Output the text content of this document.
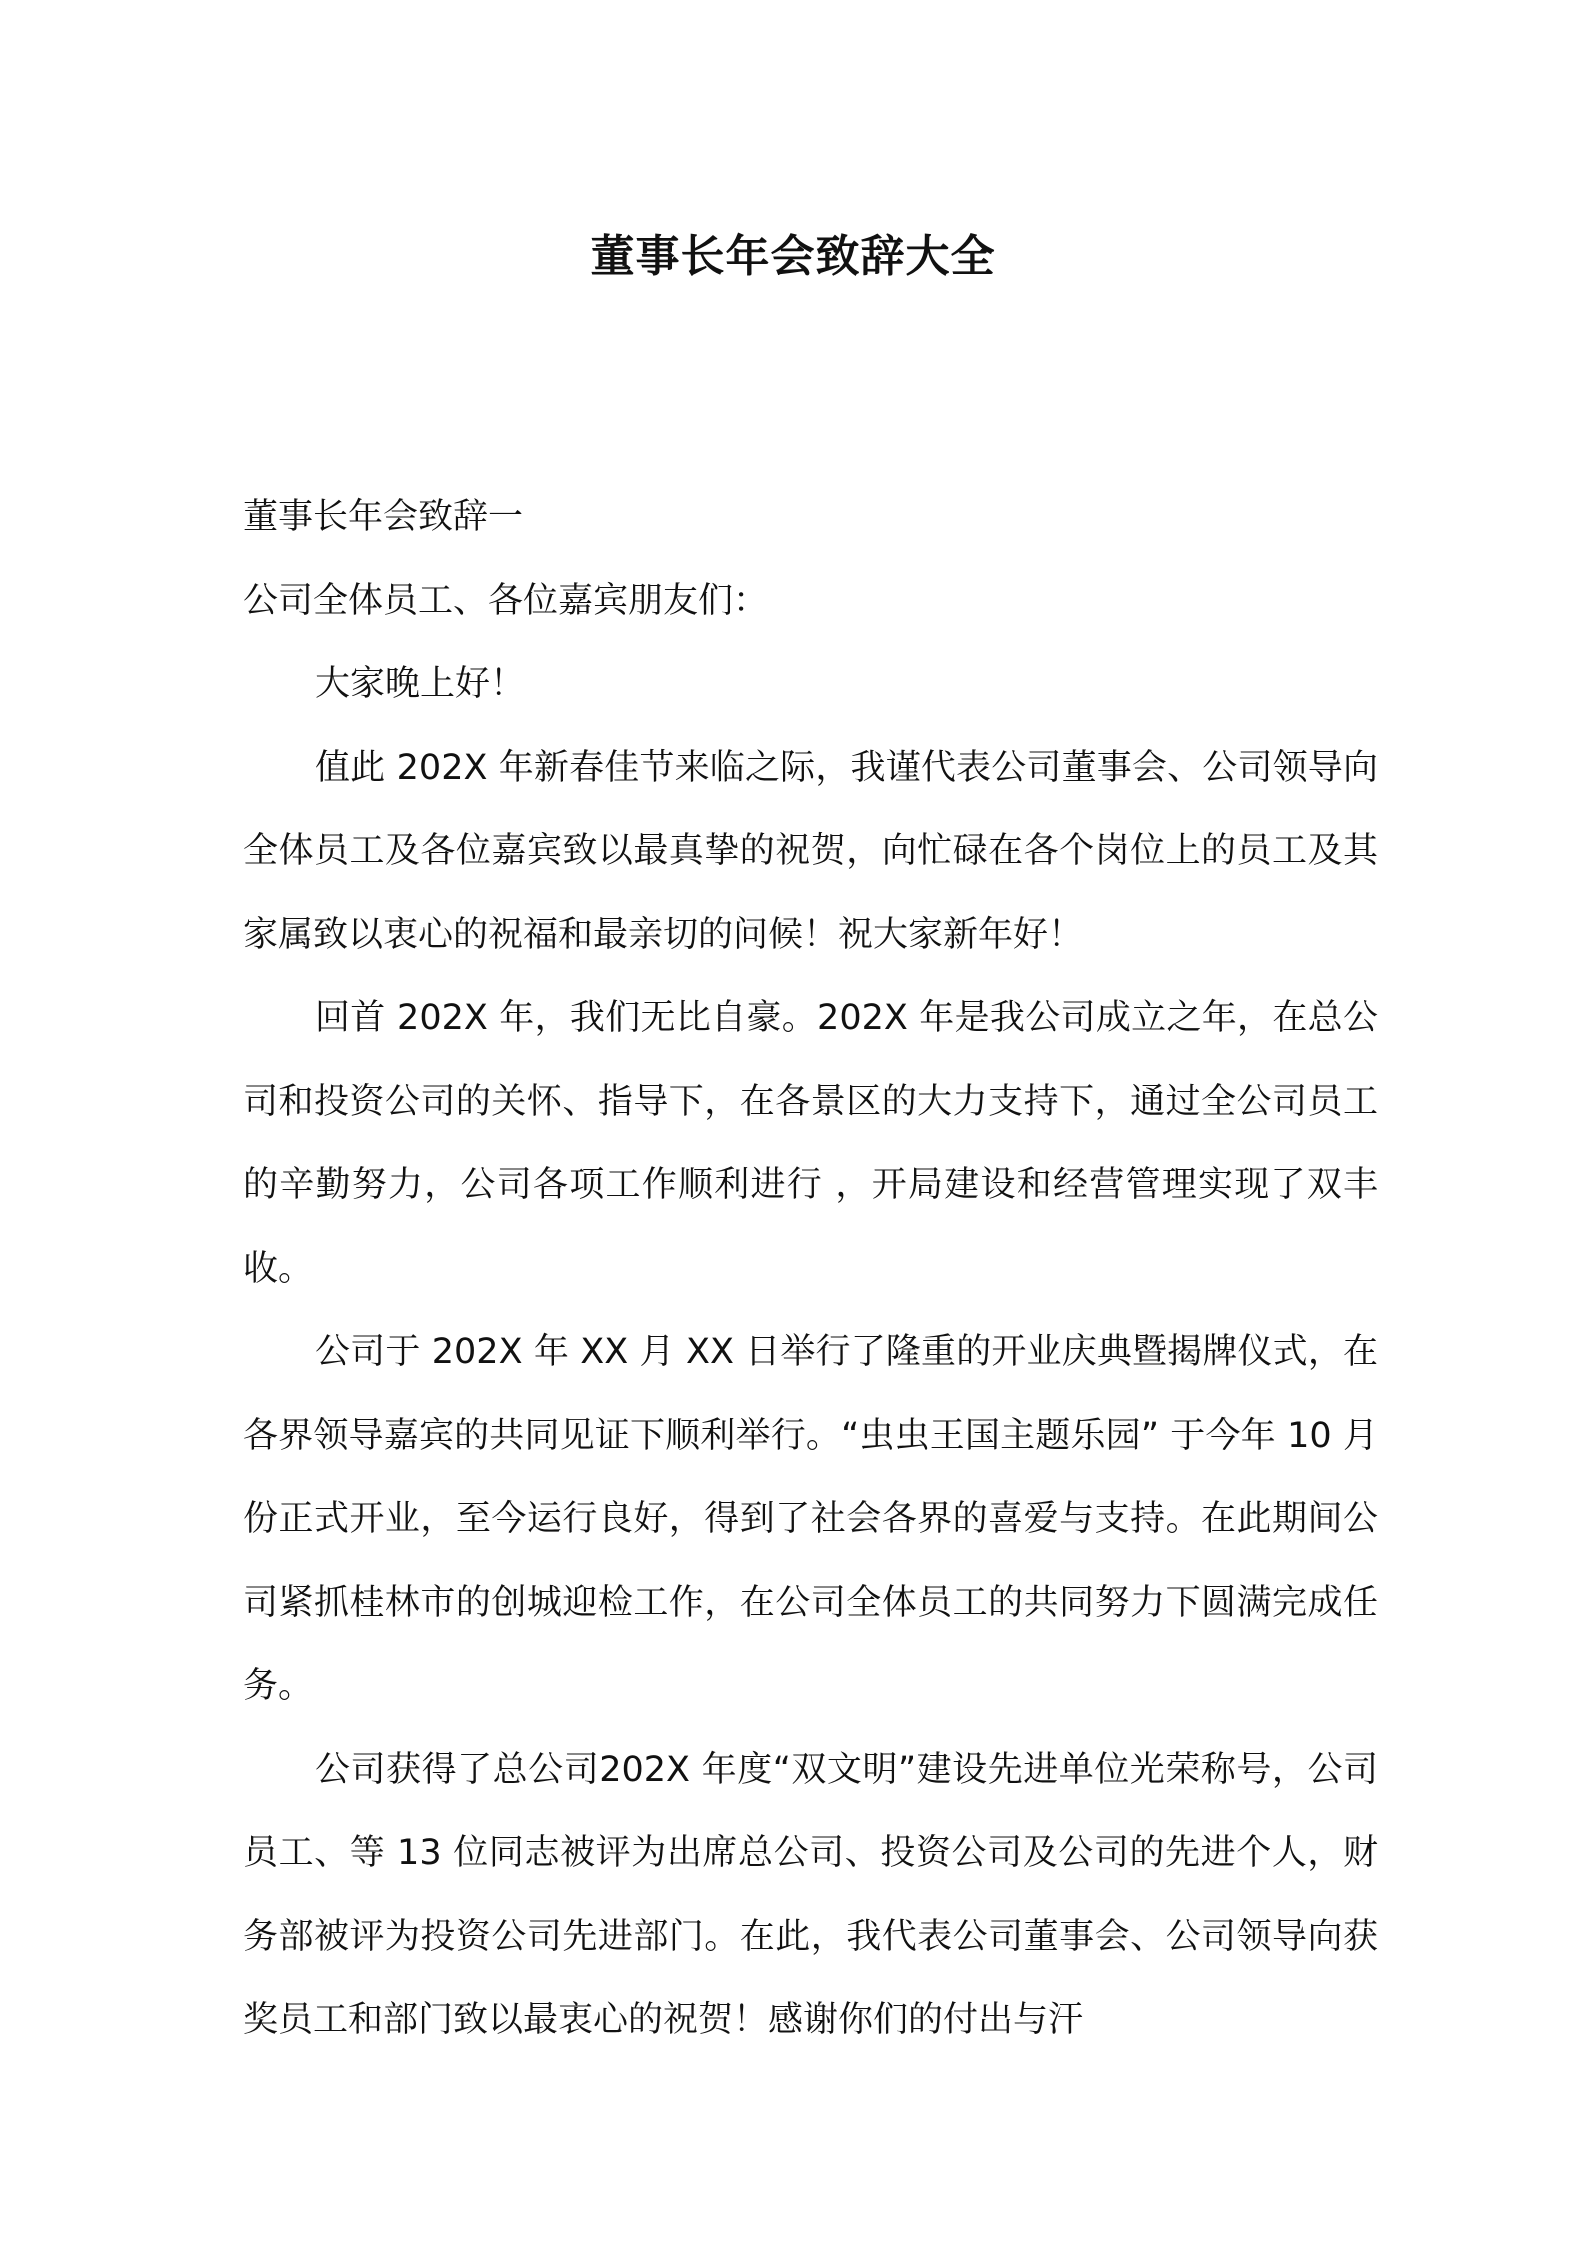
董事长年会致辞大全

董事长年会致辞一

公司全体员工、各位嘉宾朋友们：

大家晚上好！

值此 202X 年新春佳节来临之际，我谨代表公司董事会、公司领导向全体员工及各位嘉宾致以最真挚的祝贺，向忙碌在各个岗位上的员工及其家属致以衷心的祝福和最亲切的问候！祝大家新年好！

回首 202X 年，我们无比自豪。202X 年是我公司成立之年，在总公司和投资公司的关怀、指导下，在各景区的大力支持下，通过全公司员工的辛勤努力，公司各项工作顺利进行 ，开局建设和经营管理实现了双丰收。

公司于 202X 年 XX 月 XX 日举行了隆重的开业庆典暨揭牌仪式，在各界领导嘉宾的共同见证下顺利举行。“虫虫王国主题乐园” 于今年 10 月份正式开业，至今运行良好，得到了社会各界的喜爱与支持。在此期间公司紧抓桂林市的创城迎检工作，在公司全体员工的共同努力下圆满完成任务。

公司获得了总公司202X 年度“双文明”建设先进单位光荣称号，公司员工、等 13 位同志被评为出席总公司、投资公司及公司的先进个人，财务部被评为投资公司先进部门。在此，我代表公司董事会、公司领导向获奖员工和部门致以最衷心的祝贺！感谢你们的付出与汗
